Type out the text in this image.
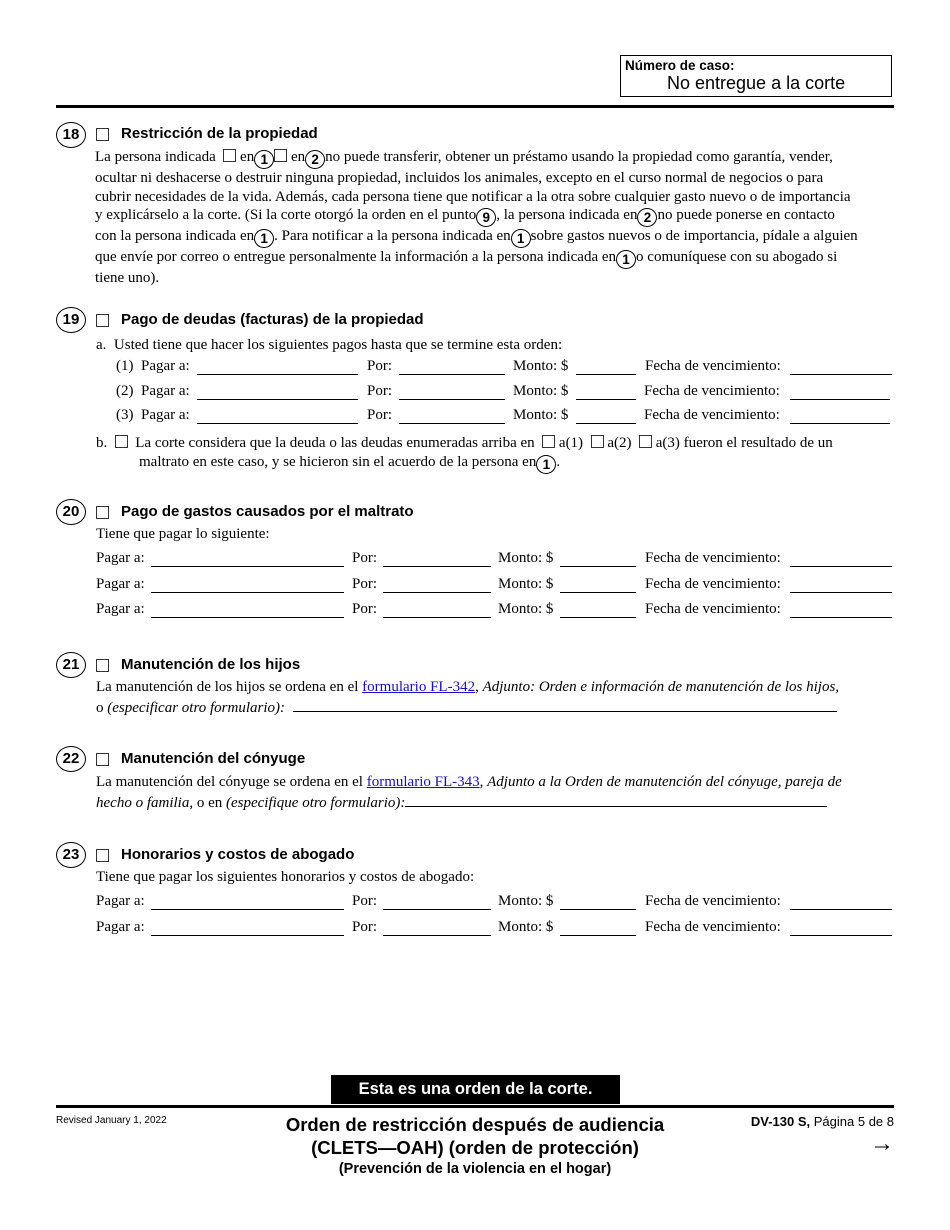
Número de caso:
No entregue a la corte
18	Restricción de la propiedad
La persona indicada en 1 en 2 no puede transferir, obtener un préstamo usando la propiedad como garantía, vender,
ocultar ni deshacerse o destruir ninguna propiedad, incluidos los animales, excepto en el curso normal de negocios o para
cubrir necesidades de la vida. Además, cada persona tiene que notificar a la otra sobre cualquier gasto nuevo o de importancia
y explicárselo a la corte. (Si la corte otorgó la orden en el punto 9 , la persona indicada en 2 no puede ponerse en contacto
con la persona indicada en 1 . Para notificar a la persona indicada en 1 sobre gastos nuevos o de importancia, pídale a alguien
que envíe por correo o entregue personalmente la información a la persona indicada en 1 o comuníquese con su abogado si
tiene uno).
19	Pago de deudas (facturas) de la propiedad
a. Usted tiene que hacer los siguientes pagos hasta que se termine esta orden:
(1) Pagar a:	Por:	Monto: $	Fecha de vencimiento:
(2) Pagar a:	Por:	Monto: $	Fecha de vencimiento:
(3) Pagar a:	Por:	Monto: $	Fecha de vencimiento:
b. La corte considera que la deuda o las deudas enumeradas arriba en a(1) a(2) a(3) fueron el resultado de un
maltrato en este caso, y se hicieron sin el acuerdo de la persona en 1 .
20	Pago de gastos causados por el maltrato
Tiene que pagar lo siguiente:
Pagar a:	Por:	Monto: $	Fecha de vencimiento:
Pagar a:	Por:	Monto: $	Fecha de vencimiento:
Pagar a:	Por:	Monto: $	Fecha de vencimiento:
21	Manutención de los hijos
La manutención de los hijos se ordena en el formulario FL-342, Adjunto: Orden e información de manutención de los hijos,
o (especificar otro formulario):
22	Manutención del cónyuge
La manutención del cónyuge se ordena en el formulario FL-343, Adjunto a la Orden de manutención del cónyuge, pareja de
hecho o familia, o en (especifique otro formulario):
23	Honorarios y costos de abogado
Tiene que pagar los siguientes honorarios y costos de abogado:
Pagar a:	Por:	Monto: $	Fecha de vencimiento:
Pagar a:	Por:	Monto: $	Fecha de vencimiento:
Esta es una orden de la corte.
Revised January 1, 2022	Orden de restricción después de audiencia
(CLETS—OAH) (orden de protección)
(Prevención de la violencia en el hogar)
DV-130 S, Página 5 de 8
→
